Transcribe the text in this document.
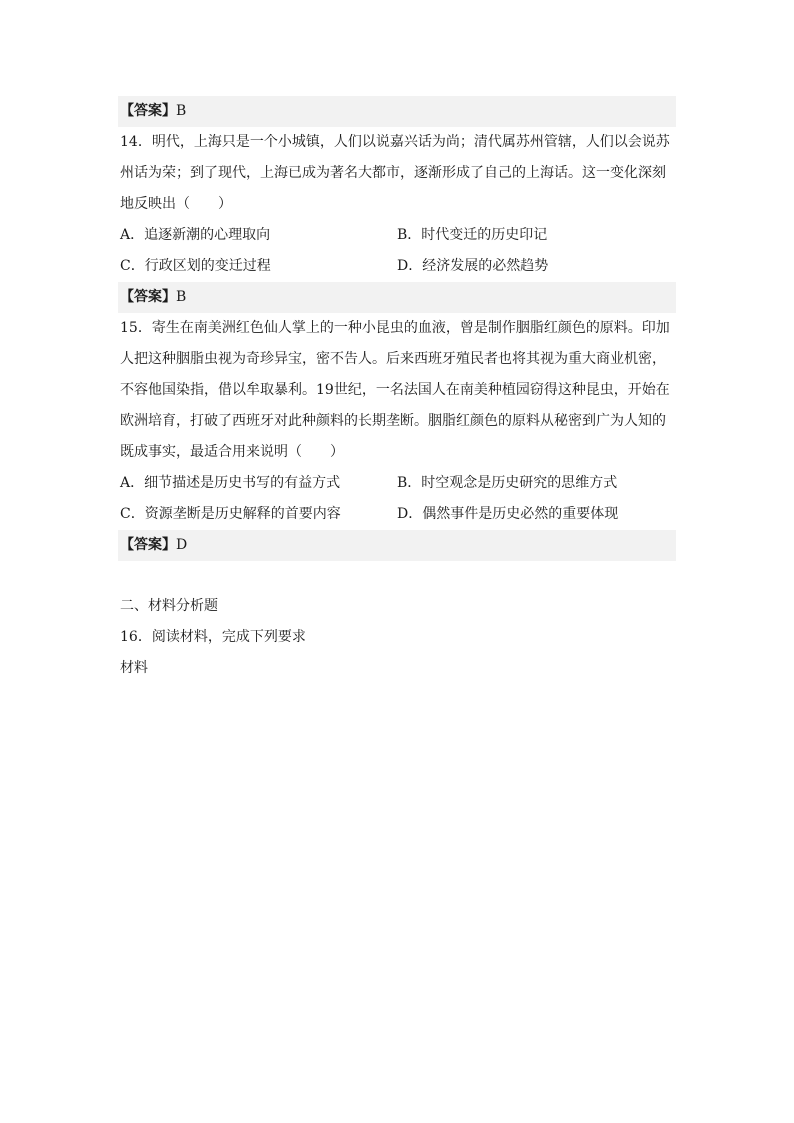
【答案】B

14．明代，上海只是一个小城镇，人们以说嘉兴话为尚；清代属苏州管辖，人们以会说苏州话为荣；到了现代，上海已成为著名大都市，逐渐形成了自己的上海话。这一变化深刻地反映出（　　）

A．追逐新潮的心理取向	B．时代变迁的历史印记
C．行政区划的变迁过程	D．经济发展的必然趋势
【答案】B

15．寄生在南美洲红色仙人掌上的一种小昆虫的血液，曾是制作胭脂红颜色的原料。印加人把这种胭脂虫视为奇珍异宝，密不告人。后来西班牙殖民者也将其视为重大商业机密，不容他国染指，借以牟取暴利。19世纪，一名法国人在南美种植园窃得这种昆虫，开始在欧洲培育，打破了西班牙对此种颜料的长期垄断。胭脂红颜色的原料从秘密到广为人知的既成事实，最适合用来说明（　　）

A．细节描述是历史书写的有益方式	B．时空观念是历史研究的思维方式
C．资源垄断是历史解释的首要内容	D．偶然事件是历史必然的重要体现
【答案】D
二、材料分析题
16．阅读材料，完成下列要求
材料
